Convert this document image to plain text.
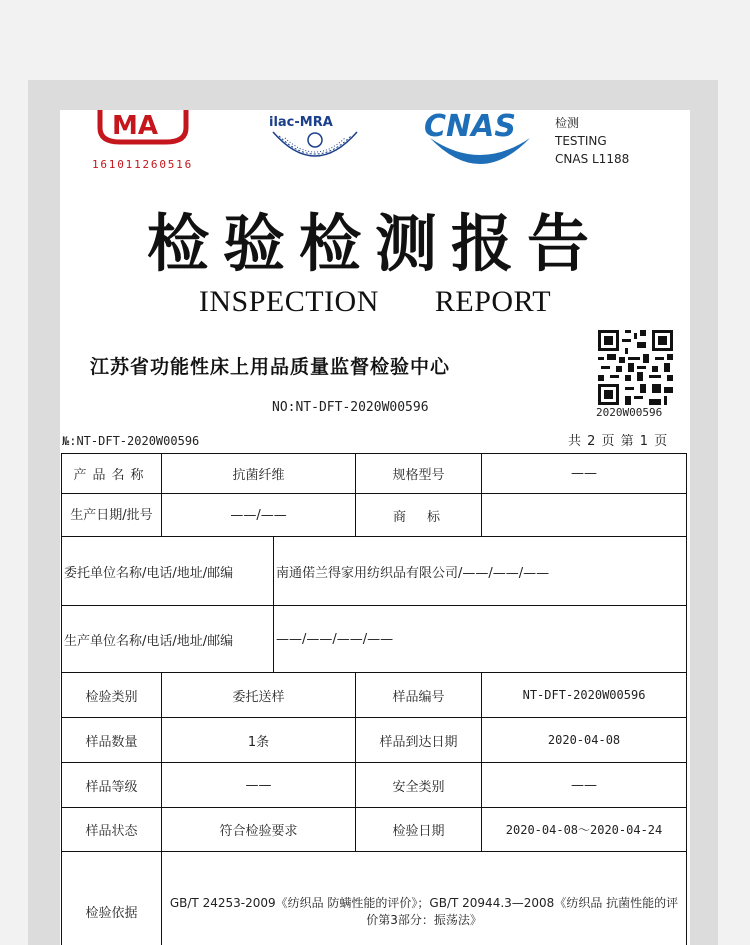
MA
161011260516
ilac-MRA	CNAS	检测
TESTING
CNAS L1188
检验检测报告
INSPECTION    REPORT
江苏省功能性床上用品质量监督检验中心
NO:NT-DFT-2020W00596	2020W00596
№:NT-DFT-2020W00596	共 2 页 第 1 页
产品名称	抗菌纤维		规格型号	——
生产日期/批号	——/——		商　标	
委托单位名称/电话/地址/邮编		南通偌兰得家用纺织品有限公司/——/——/——		
生产单位名称/电话/地址/邮编		——/——/——/——		
检验类别	委托送样		样品编号	NT-DFT-2020W00596
样品数量	1条		样品到达日期	2020-04-08
样品等级	——		安全类别	——
样品状态	符合检验要求		检验日期	2020-04-08～2020-04-24
检验依据	GB/T 24253-2009《纺织品 防螨性能的评价》；GB/T 20944.3—2008《纺织品 抗菌性能的评价第3部分：振荡法》			
